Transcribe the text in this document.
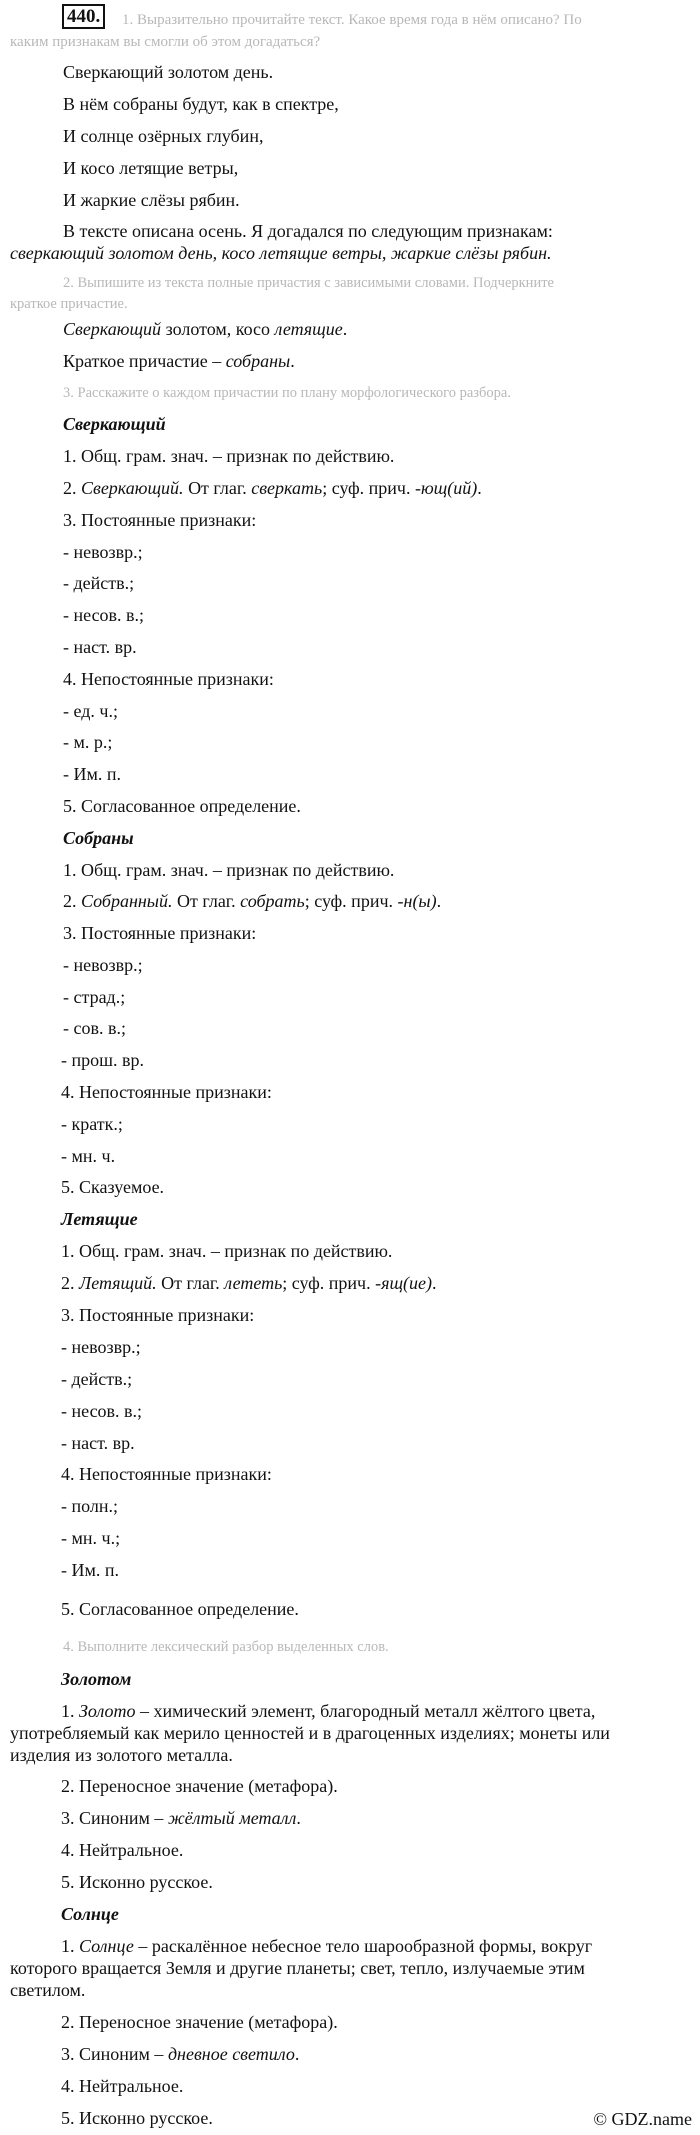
440.	1. Выразительно прочитайте текст. Какое время года в нём описано? По
каким признакам вы смогли об этом догадаться?
Сверкающий золотом день.
В нём собраны будут, как в спектре,
И солнце озёрных глубин,
И косо летящие ветры,
И жаркие слёзы рябин.
В тексте описана осень. Я догадался по следующим признакам:
сверкающий золотом день, косо летящие ветры, жаркие слёзы рябин.
2. Выпишите из текста полные причастия с зависимыми словами. Подчеркните
краткое причастие.
Сверкающий золотом, косо летящие.
Краткое причастие – собраны.
3. Расскажите о каждом причастии по плану морфологического разбора.
Сверкающий
1. Общ. грам. знач. – признак по действию.
2. Сверкающий. От глаг. сверкать; суф. прич. -ющ(ий).
3. Постоянные признаки:
- невозвр.;
- действ.;
- несов. в.;
- наст. вр.
4. Непостоянные признаки:
- ед. ч.;
- м. р.;
- Им. п.
5. Согласованное определение.
Собраны
1. Общ. грам. знач. – признак по действию.
2. Собранный. От глаг. собрать; суф. прич. -н(ы).
3. Постоянные признаки:
- невозвр.;
- страд.;
- сов. в.;
- прош. вр.
4. Непостоянные признаки:
- кратк.;
- мн. ч.
5. Сказуемое.
Летящие
1. Общ. грам. знач. – признак по действию.
2. Летящий. От глаг. лететь; суф. прич. -ящ(ие).
3. Постоянные признаки:
- невозвр.;
- действ.;
- несов. в.;
- наст. вр.
4. Непостоянные признаки:
- полн.;
- мн. ч.;
- Им. п.
5. Согласованное определение.
4. Выполните лексический разбор выделенных слов.
Золотом
1. Золото – химический элемент, благородный металл жёлтого цвета,
употребляемый как мерило ценностей и в драгоценных изделиях; монеты или
изделия из золотого металла.
2. Переносное значение (метафора).
3. Синоним – жёлтый металл.
4. Нейтральное.
5. Исконно русское.
Солнце
1. Солнце – раскалённое небесное тело шарообразной формы, вокруг
которого вращается Земля и другие планеты; свет, тепло, излучаемые этим
светилом.
2. Переносное значение (метафора).
3. Синоним – дневное светило.
4. Нейтральное.
5. Исконно русское.	© GDZ.name
